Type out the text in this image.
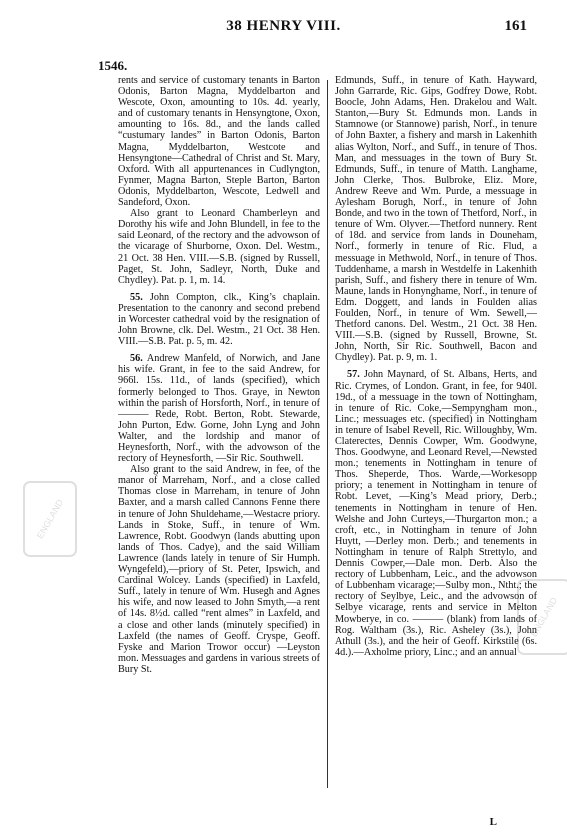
38 HENRY VIII.	161
1546.

rents and service of customary tenants in Barton Odonis, Barton Magna, Myddelbarton and Wescote, Oxon, amounting to 10s. 4d. yearly, and of customary tenants in Hensyngtone, Oxon, amounting to 16s. 8d., and the lands called “custumary landes” in Barton Odonis, Barton Magna, Myddelbarton, Westcote and Hensyngtone—Cathedral of Christ and St. Mary, Oxford. With all appurtenances in Cudlyngton, Fynmer, Magna Barton, Steple Barton, Barton Odonis, Myddelbarton, Wescote, Ledwell and Sandeford, Oxon.

Also grant to Leonard Chamberleyn and Dorothy his wife and John Blundell, in fee to the said Leonard, of the rectory and the advowson of the vicarage of Shurborne, Oxon. Del. Westm., 21 Oct. 38 Hen. VIII.—S.B. (signed by Russell, Paget, St. John, Sadleyr, North, Duke and Chydley). Pat. p. 1, m. 14.

55. John Compton, clk., King’s chaplain. Presentation to the canonry and second prebend in Worcester cathedral void by the resignation of John Browne, clk. Del. Westm., 21 Oct. 38 Hen. VIII.—S.B. Pat. p. 5, m. 42.

56. Andrew Manfeld, of Norwich, and Jane his wife. Grant, in fee to the said Andrew, for 966l. 15s. 11d., of lands (specified), which formerly belonged to Thos. Graye, in Newton within the parish of Horsforth, Norf., in tenure of ——— Rede, Robt. Berton, Robt. Stewarde, John Purton, Edw. Gorne, John Lyng and John Walter, and the lordship and manor of Heynesforth, Norf., with the advowson of the rectory of Heynesforth, —Sir Ric. Southwell.

Also grant to the said Andrew, in fee, of the manor of Marreham, Norf., and a close called Thomas close in Marreham, in tenure of John Baxter, and a marsh called Cannons Fenne there in tenure of John Shuldehame,—Westacre priory. Lands in Stoke, Suff., in tenure of Wm. Lawrence, Robt. Goodwyn (lands abutting upon lands of Thos. Cadye), and the said William Lawrence (lands lately in tenure of Sir Humph. Wyngefeld),—priory of St. Peter, Ipswich, and Cardinal Wolcey. Lands (specified) in Laxfeld, Suff., lately in tenure of Wm. Husegh and Agnes his wife, and now leased to John Smyth,—a rent of 14s. 8½d. called “rent almes” in Laxfeld, and a close and other lands (minutely specified) in Laxfeld (the names of Geoff. Cryspe, Geoff. Fyske and Marion Trowor occur) —Leyston mon. Messuages and gardens in various streets of Bury St.

Edmunds, Suff., in tenure of Kath. Hayward, John Garrarde, Ric. Gips, Godfrey Dowe, Robt. Boocle, John Adams, Hen. Drakelou and Walt. Stanton,—Bury St. Edmunds mon. Lands in Stamnowe (or Stannowe) parish, Norf., in tenure of John Baxter, a fishery and marsh in Lakenhith alias Wylton, Norf., and Suff., in tenure of Thos. Man, and messuages in the town of Bury St. Edmunds, Suff., in tenure of Matth. Langhame, John Clerke, Thos. Bulbroke, Eliz. More, Andrew Reeve and Wm. Purde, a messuage in Aylesham Borugh, Norf., in tenure of John Bonde, and two in the town of Thetford, Norf., in tenure of Wm. Olyver.—Thetford nunnery. Rent of 18d. and service from lands in Douneham, Norf., formerly in tenure of Ric. Flud, a messuage in Methwold, Norf., in tenure of Thos. Tuddenhame, a marsh in Westdelfe in Lakenhith parish, Suff., and fishery there in tenure of Wm. Maune, lands in Honynghame, Norf., in tenure of Edm. Doggett, and lands in Foulden alias Foulden, Norf., in tenure of Wm. Sewell,—Thetford canons. Del. Westm., 21 Oct. 38 Hen. VIII.—S.B. (signed by Russell, Browne, St. John, North, Sir Ric. Southwell, Bacon and Chydley). Pat. p. 9, m. 1.

57. John Maynard, of St. Albans, Herts, and Ric. Crymes, of London. Grant, in fee, for 940l. 19d., of a messuage in the town of Nottingham, in tenure of Ric. Coke,—Sempyngham mon., Linc.; messuages etc. (specified) in Nottingham in tenure of Isabel Revell, Ric. Willoughby, Wm. Claterectes, Dennis Cowper, Wm. Goodwyne, Thos. Goodwyne, and Leonard Revel,—Newsted mon.; tenements in Nottingham in tenure of Thos. Sheperde, Thos. Warde,—Workesopp priory; a tenement in Nottingham in tenure of Robt. Levet, —King’s Mead priory, Derb.; tenements in Nottingham in tenure of Hen. Welshe and John Curteys,—Thurgarton mon.; a croft, etc., in Nottingham in tenure of John Huytt, —Derley mon. Derb.; and tenements in Nottingham in tenure of Ralph Strettylo, and Dennis Cowper,—Dale mon. Derb. Also the rectory of Lubbenham, Leic., and the advowson of Lubbenham vicarage;—Sulby mon., Ntht.; the rectory of Seylbye, Leic., and the advowson of Selbye vicarage, rents and service in Melton Mowberye, in co. ——— (blank) from lands of Rog. Waltham (3s.), Ric. Asheley (3s.), John Athull (3s.), and the heir of Geoff. Kirkstile (6s. 4d.).—Axholme priory, Linc.; and an annual

L
ENGLAND
ENGLAND
